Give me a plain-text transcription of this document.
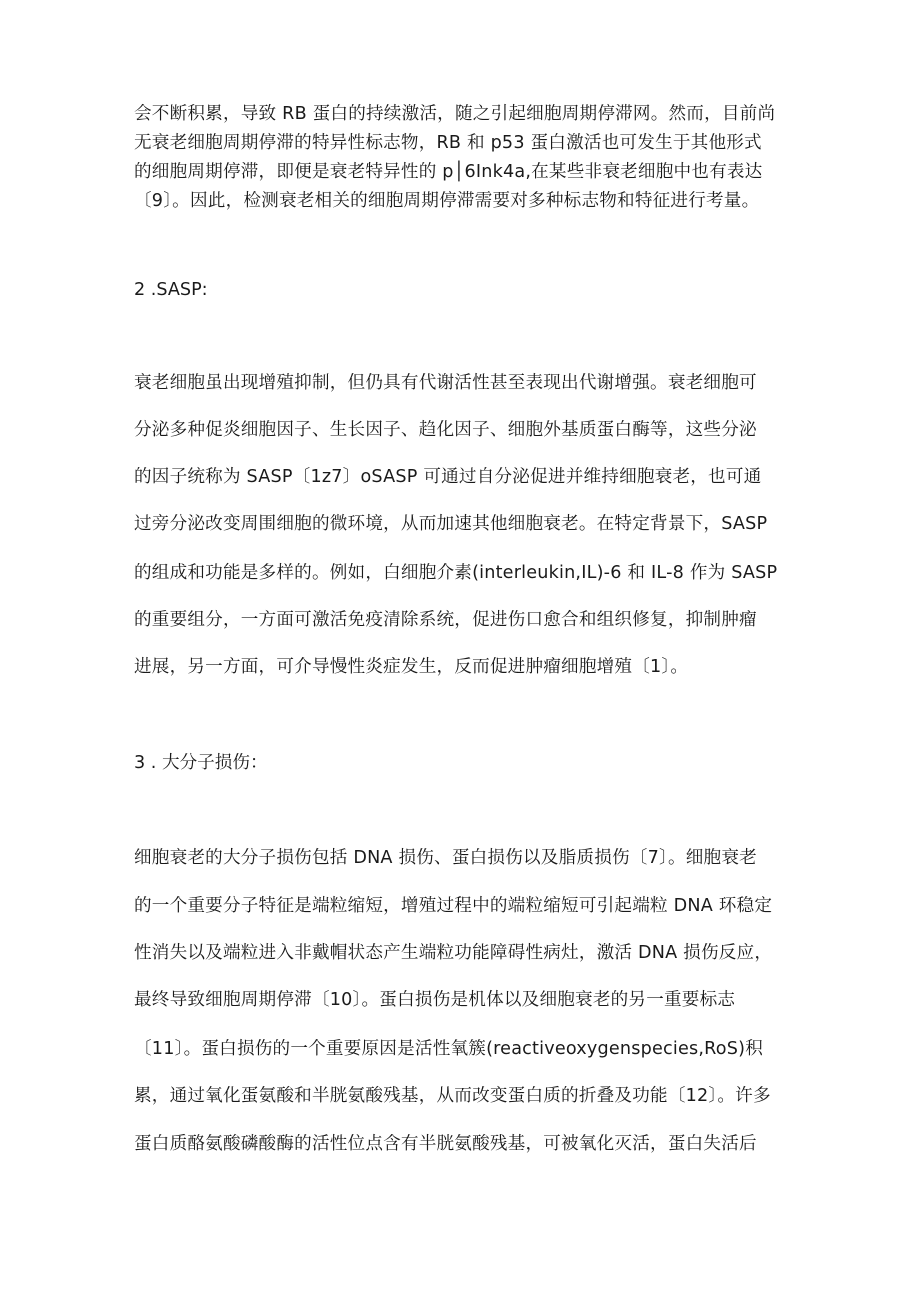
会不断积累，导致 RB 蛋白的持续激活，随之引起细胞周期停滞网。然而，目前尚
无衰老细胞周期停滞的特异性标志物，RB 和 p53 蛋白激活也可发生于其他形式
的细胞周期停滞，即便是衰老特异性的 p│6Ink4a,在某些非衰老细胞中也有表达
〔9〕。因此，检测衰老相关的细胞周期停滞需要对多种标志物和特征进行考量。
2 .SASP:
衰老细胞虽出现增殖抑制，但仍具有代谢活性甚至表现出代谢增强。衰老细胞可
分泌多种促炎细胞因子、生长因子、趋化因子、细胞外基质蛋白酶等，这些分泌
的因子统称为 SASP〔1z7〕oSASP 可通过自分泌促进并维持细胞衰老，也可通
过旁分泌改变周围细胞的微环境，从而加速其他细胞衰老。在特定背景下，SASP
的组成和功能是多样的。例如，白细胞介素(interleukin,IL)-6 和 IL-8 作为 SASP
的重要组分，一方面可激活免疫清除系统，促进伤口愈合和组织修复，抑制肿瘤
进展，另一方面，可介导慢性炎症发生，反而促进肿瘤细胞增殖〔1〕。
3 . 大分子损伤：
细胞衰老的大分子损伤包括 DNA 损伤、蛋白损伤以及脂质损伤〔7〕。细胞衰老
的一个重要分子特征是端粒缩短，增殖过程中的端粒缩短可引起端粒 DNA 环稳定
性消失以及端粒进入非戴帽状态产生端粒功能障碍性病灶，激活 DNA 损伤反应，
最终导致细胞周期停滞〔10〕。蛋白损伤是机体以及细胞衰老的另一重要标志
〔11〕。蛋白损伤的一个重要原因是活性氧簇(reactiveoxygenspecies,RoS)积
累，通过氧化蛋氨酸和半胱氨酸残基，从而改变蛋白质的折叠及功能〔12〕。许多
蛋白质酪氨酸磷酸酶的活性位点含有半胱氨酸残基，可被氧化灭活，蛋白失活后
